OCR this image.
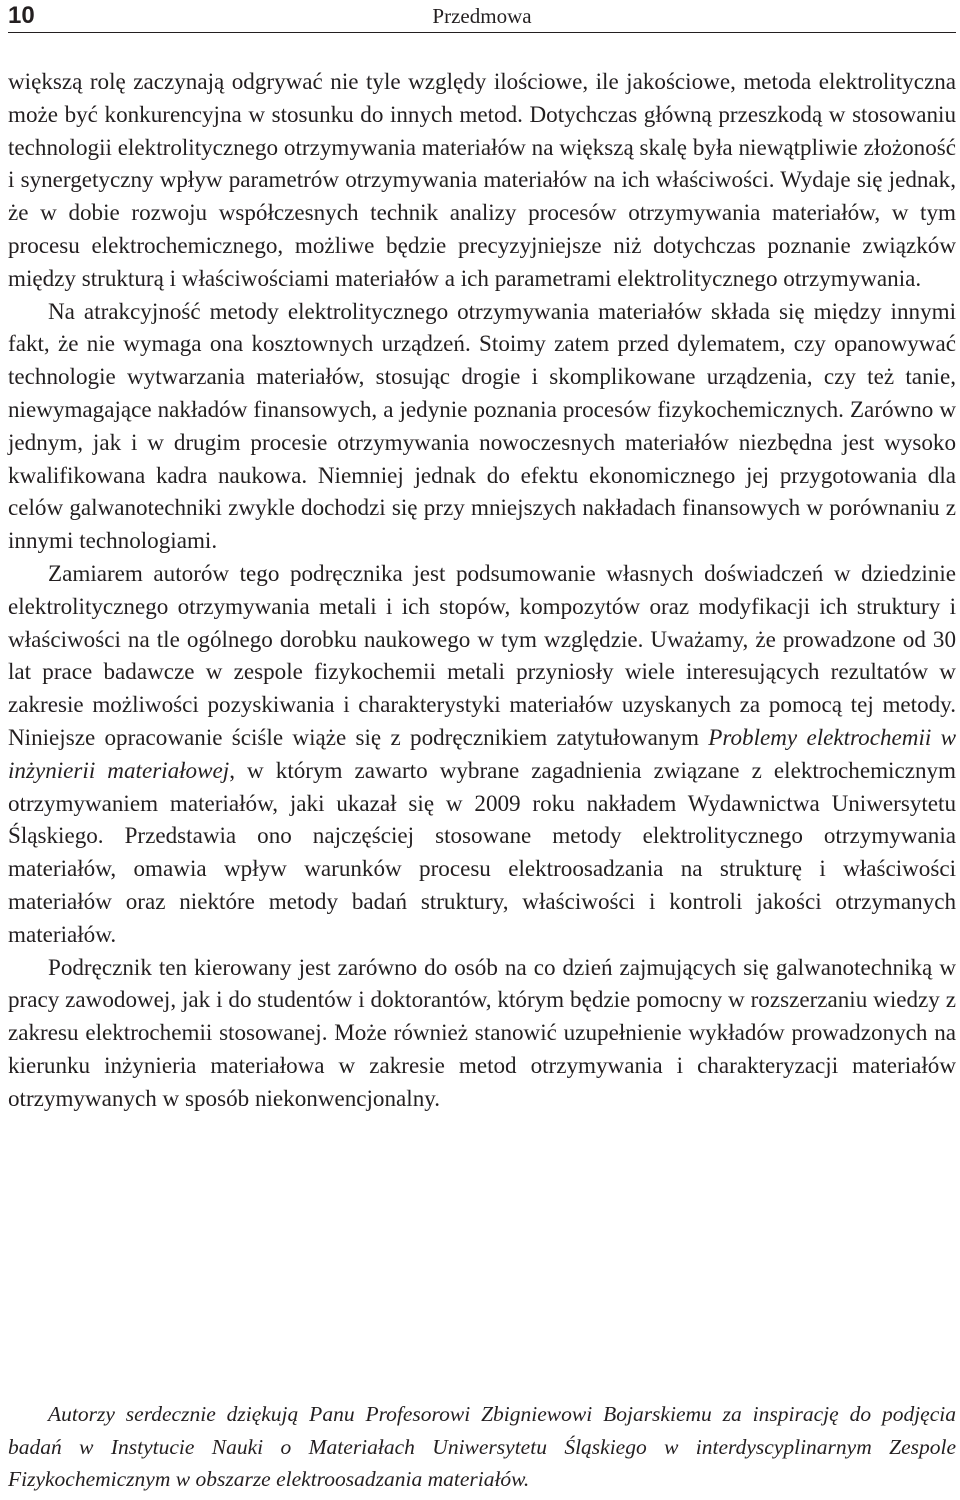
10	Przedmowa

większą rolę zaczynają odgrywać nie tyle względy ilościowe, ile jakościowe, metoda elektrolityczna może być konkurencyjna w stosunku do innych metod. Dotychczas główną przeszkodą w stosowaniu technologii elektrolitycznego otrzymywania materiałów na większą skalę była niewątpliwie złożoność i synergetyczny wpływ parametrów otrzymywania materiałów na ich właściwości. Wydaje się jednak, że w dobie rozwoju współczesnych technik analizy procesów otrzymywania materiałów, w tym procesu elektrochemicznego, możliwe będzie precyzyjniejsze niż dotychczas poznanie związków między strukturą i właściwościami materiałów a ich parametrami elektrolitycznego otrzymywania.

Na atrakcyjność metody elektrolitycznego otrzymywania materiałów składa się między innymi fakt, że nie wymaga ona kosztownych urządzeń. Stoimy zatem przed dylematem, czy opanowywać technologie wytwarzania materiałów, stosując drogie i skomplikowane urządzenia, czy też tanie, niewymagające nakładów finansowych, a jedynie poznania procesów fizykochemicznych. Zarówno w jednym, jak i w drugim procesie otrzymywania nowoczesnych materiałów niezbędna jest wysoko kwalifikowana kadra naukowa. Niemniej jednak do efektu ekonomicznego jej przygotowania dla celów galwanotechniki zwykle dochodzi się przy mniejszych nakładach finansowych w porównaniu z innymi technologiami.

Zamiarem autorów tego podręcznika jest podsumowanie własnych doświadczeń w dziedzinie elektrolitycznego otrzymywania metali i ich stopów, kompozytów oraz modyfikacji ich struktury i właściwości na tle ogólnego dorobku naukowego w tym względzie. Uważamy, że prowadzone od 30 lat prace badawcze w zespole fizykochemii metali przyniosły wiele interesujących rezultatów w zakresie możliwości pozyskiwania i charakterystyki materiałów uzyskanych za pomocą tej metody. Niniejsze opracowanie ściśle wiąże się z podręcznikiem zatytułowanym Problemy elektrochemii w inżynierii materiałowej, w którym zawarto wybrane zagadnienia związane z elektrochemicznym otrzymywaniem materiałów, jaki ukazał się w 2009 roku nakładem Wydawnictwa Uniwersytetu Śląskiego. Przedstawia ono najczęściej stosowane metody elektrolitycznego otrzymywania materiałów, omawia wpływ warunków procesu elektroosadzania na strukturę i właściwości materiałów oraz niektóre metody badań struktury, właściwości i kontroli jakości otrzymanych materiałów.

Podręcznik ten kierowany jest zarówno do osób na co dzień zajmujących się galwanotechniką w pracy zawodowej, jak i do studentów i doktorantów, którym będzie pomocny w rozszerzaniu wiedzy z zakresu elektrochemii stosowanej. Może również stanowić uzupełnienie wykładów prowadzonych na kierunku inżynieria materiałowa w zakresie metod otrzymywania i charakteryzacji materiałów otrzymywanych w sposób niekonwencjonalny.

Autorzy serdecznie dziękują Panu Profesorowi Zbigniewowi Bojarskiemu za inspirację do podjęcia badań w Instytucie Nauki o Materiałach Uniwersytetu Śląskiego w interdyscyplinarnym Zespole Fizykochemicznym w obszarze elektroosadzania materiałów.
